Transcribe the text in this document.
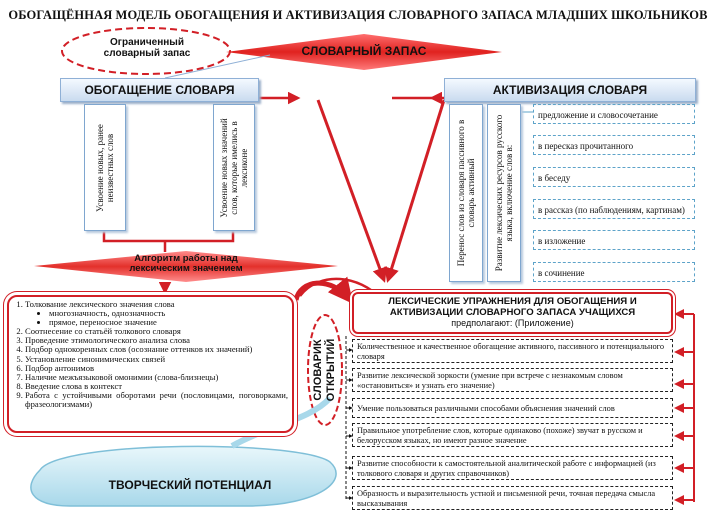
ОБОГАЩЁННАЯ МОДЕЛЬ ОБОГАЩЕНИЯ И АКТИВИЗАЦИЯ СЛОВАРНОГО ЗАПАСА МЛАДШИХ ШКОЛЬНИКОВ
Ограниченный словарный запас	СЛОВАРНЫЙ ЗАПАС
ОБОГАЩЕНИЕ СЛОВАРЯ	АКТИВИЗАЦИЯ СЛОВАРЯ
Усвоение новых, ранее неизвестных слов	Усвоение новых значений слов, которые имелись в лексиконе	Перенос слов из словаря пассивного в словарь активный Развитие лексических ресурсов русского языка, включение слов в:
предложение и словосочетание
в пересказ прочитанного
в беседу
в рассказ (по наблюдениям, картинам)
в изложение
в сочинение
Алгоритм работы над лексическим значением
1. Толкование лексического значения слова
• многозначность, однозначность
• прямое, переносное значение
2. Соотнесение со статьёй толкового словаря
3. Проведение этимологического анализа слова
4. Подбор однокоренных слов (осознание оттенков их значений)
5. Установление синонимических связей
6. Подбор антонимов
7. Наличие межъязыковой омонимии (слова-близнецы)
8. Введение слова в контекст
9. Работа с устойчивыми оборотами речи (пословицами, поговорками, фразеологизмами)
СЛОВАРИК ОТКРЫТИЙ
ЛЕКСИЧЕСКИЕ УПРАЖНЕНИЯ ДЛЯ ОБОГАЩЕНИЯ И АКТИВИЗАЦИИ СЛОВАРНОГО ЗАПАСА УЧАЩИХСЯ
предполагают: (Приложение)
Количественное и качественное обогащение активного, пассивного и потенциального словаря
Развитие лексической зоркости (умение при встрече с незнакомым словом «остановиться» и узнать его значение)
Умение пользоваться различными способами объяснения значений слов
Правильное употребление слов, которые одинаково (похоже) звучат в русском и белорусском языках, но имеют разное значение
Развитие способности к самостоятельной аналитической работе с информацией (из толкового словаря и других справочников)
Образность и выразительность устной и письменной речи, точная передача смысла высказывания
ТВОРЧЕСКИЙ ПОТЕНЦИАЛ
